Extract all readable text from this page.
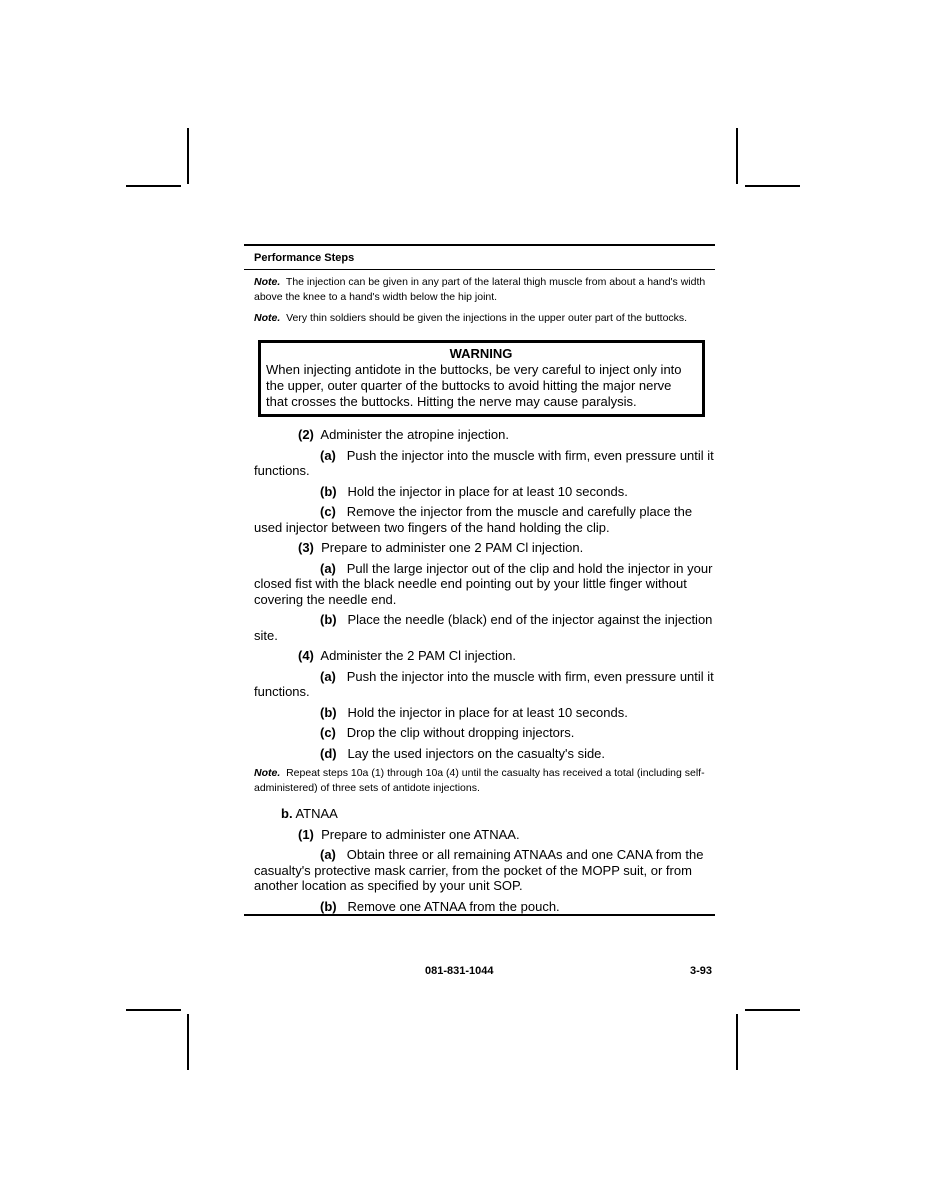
Performance Steps
Note. The injection can be given in any part of the lateral thigh muscle from about a hand's width above the knee to a hand's width below the hip joint.
Note. Very thin soldiers should be given the injections in the upper outer part of the buttocks.
WARNING
When injecting antidote in the buttocks, be very careful to inject only into the upper, outer quarter of the buttocks to avoid hitting the major nerve that crosses the buttocks. Hitting the nerve may cause paralysis.
(2) Administer the atropine injection.
(a) Push the injector into the muscle with firm, even pressure until it functions.
(b) Hold the injector in place for at least 10 seconds.
(c) Remove the injector from the muscle and carefully place the used injector between two fingers of the hand holding the clip.
(3) Prepare to administer one 2 PAM Cl injection.
(a) Pull the large injector out of the clip and hold the injector in your closed fist with the black needle end pointing out by your little finger without covering the needle end.
(b) Place the needle (black) end of the injector against the injection site.
(4) Administer the 2 PAM Cl injection.
(a) Push the injector into the muscle with firm, even pressure until it functions.
(b) Hold the injector in place for at least 10 seconds.
(c) Drop the clip without dropping injectors.
(d) Lay the used injectors on the casualty's side.
Note. Repeat steps 10a (1) through 10a (4) until the casualty has received a total (including self-administered) of three sets of antidote injections.
b. ATNAA
(1) Prepare to administer one ATNAA.
(a) Obtain three or all remaining ATNAAs and one CANA from the casualty's protective mask carrier, from the pocket of the MOPP suit, or from another location as specified by your unit SOP.
(b) Remove one ATNAA from the pouch.
081-831-1044	3-93
